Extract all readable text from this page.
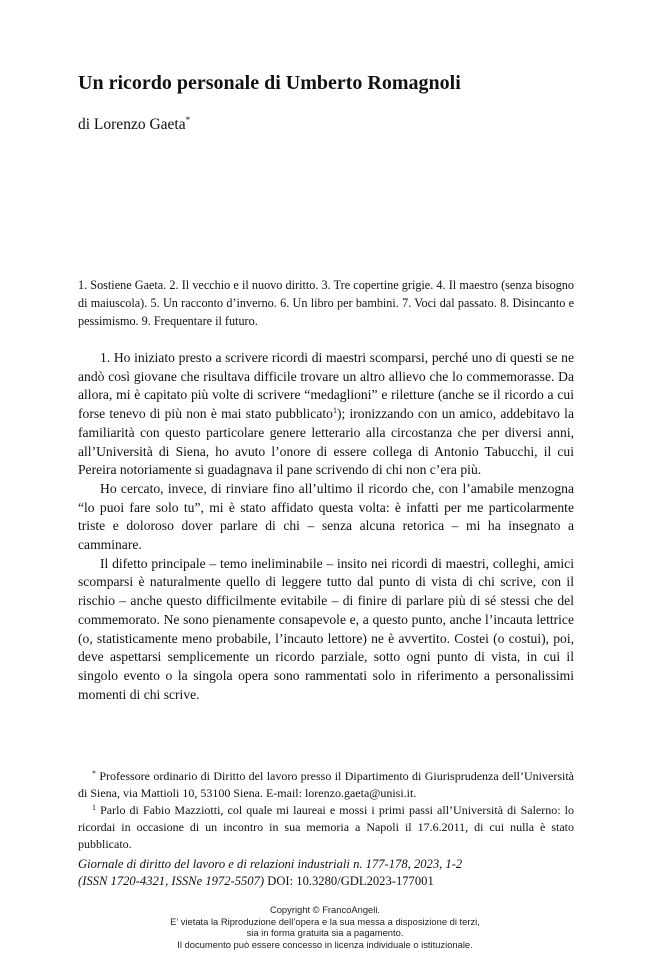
Un ricordo personale di Umberto Romagnoli
di Lorenzo Gaeta*

1. Sostiene Gaeta. 2. Il vecchio e il nuovo diritto. 3. Tre copertine grigie. 4. Il maestro (senza bisogno di maiuscola). 5. Un racconto d’inverno. 6. Un libro per bambini. 7. Voci dal passato. 8. Disincanto e pessimismo. 9. Frequentare il futuro.

1. Ho iniziato presto a scrivere ricordi di maestri scomparsi, perché uno di questi se ne andò così giovane che risultava difficile trovare un altro allievo che lo commemorasse. Da allora, mi è capitato più volte di scrivere “medaglioni” e riletture (anche se il ricordo a cui forse tenevo di più non è mai stato pubblicato$^1$); ironizzando con un amico, addebitavo la familiarità con questo particolare genere letterario alla circostanza che per diversi anni, all’Università di Siena, ho avuto l’onore di essere collega di Antonio Tabucchi, il cui Pereira notoriamente si guadagnava il pane scrivendo di chi non c’era più.

Ho cercato, invece, di rinviare fino all’ultimo il ricordo che, con l’amabile menzogna “lo puoi fare solo tu”, mi è stato affidato questa volta: è infatti per me particolarmente triste e doloroso dover parlare di chi – senza alcuna retorica – mi ha insegnato a camminare.

Il difetto principale – temo ineliminabile – insito nei ricordi di maestri, colleghi, amici scomparsi è naturalmente quello di leggere tutto dal punto di vista di chi scrive, con il rischio – anche questo difficilmente evitabile – di finire di parlare più di sé stessi che del commemorato. Ne sono pienamente consapevole e, a questo punto, anche l’incauta lettrice (o, statisticamente meno probabile, l’incauto lettore) ne è avvertito. Costei (o costui), poi, deve aspettarsi semplicemente un ricordo parziale, sotto ogni punto di vista, in cui il singolo evento o la singola opera sono rammentati solo in riferimento a personalissimi momenti di chi scrive.

* Professore ordinario di Diritto del lavoro presso il Dipartimento di Giurisprudenza dell’Università di Siena, via Mattioli 10, 53100 Siena. E-mail: lorenzo.gaeta@unisi.it.

$^1$ Parlo di Fabio Mazziotti, col quale mi laureai e mossi i primi passi all’Università di Salerno: lo ricordai in occasione di un incontro in sua memoria a Napoli il 17.6.2011, di cui nulla è stato pubblicato.

Giornale di diritto del lavoro e di relazioni industriali n. 177-178, 2023, 1-2
(ISSN 1720-4321, ISSNe 1972-5507) DOI: 10.3280/GDL2023-177001
Copyright © FrancoAngeli.
E’ vietata la Riproduzione dell’opera e la sua messa a disposizione di terzi,
sia in forma gratuita sia a pagamento.
Il documento può essere concesso in licenza individuale o istituzionale.
